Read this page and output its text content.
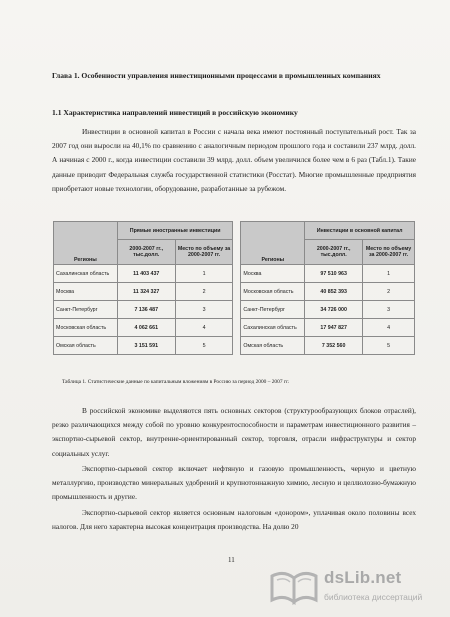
Глава 1. Особенности управления инвестиционными процессами в промышленных компаниях
1.1 Характеристика направлений инвестиций в российскую экономику
Инвестиции в основной капитал в России с начала века имеют постоянный поступательный рост. Так за 2007 год они выросли на 40,1% по сравнению с аналогичным периодом прошлого года и составили 237 млрд. долл. А начиная с 2000 г., когда инвестиции составили 39 млрд. долл. объем увеличился более чем в 6 раз (Табл.1). Такие данные приводит Федеральная служба государственной статистики (Росстат). Многие промышленные предприятия приобретают новые технологии, оборудование, разработанные за рубежом.
Регионы	Прямые иностранные инвестиции			Регионы	Инвестиции в основной капитал	
	2000-2007 гг., тыс.долл.	Место по объему за 2000-2007 гг.			2000-2007 гг., тыс.долл.	Место по объему за 2000-2007 гг.
Сахалинская область	11 403 437	1		Москва	97 510 963	1
Москва	11 324 327	2		Московская область	40 852 393	2
Санкт-Петербург	7 136 487	3		Санкт-Петербург	34 726 000	3
Московская область	4 062 661	4		Сахалинская область	17 947 827	4
Омская область	3 151 591	5		Омская область	7 352 560	5
Таблица 1. Статистические данные по капитальным вложениям в Россию за период 2000 – 2007 гг.
В российской экономике выделяются пять основных секторов (структурообразующих блоков отраслей), резко различающихся между собой по уровню конкурентоспособности и параметрам инвестиционного развития – экспортно-сырьевой сектор, внутренне-ориентированный сектор, торговля, отрасли инфраструктуры и сектор социальных услуг.
Экспортно-сырьевой сектор включает нефтяную и газовую промышленность, черную и цветную металлургию, производство минеральных удобрений и крупнотоннажную химию, лесную и целлюлозно-бумажную промышленность и другие.
Экспортно-сырьевой сектор является основным налоговым «донором», уплачивая около половины всех налогов. Для него характерна высокая концентрация производства. На долю 20
11
dsLib.net
библиотека диссертаций
